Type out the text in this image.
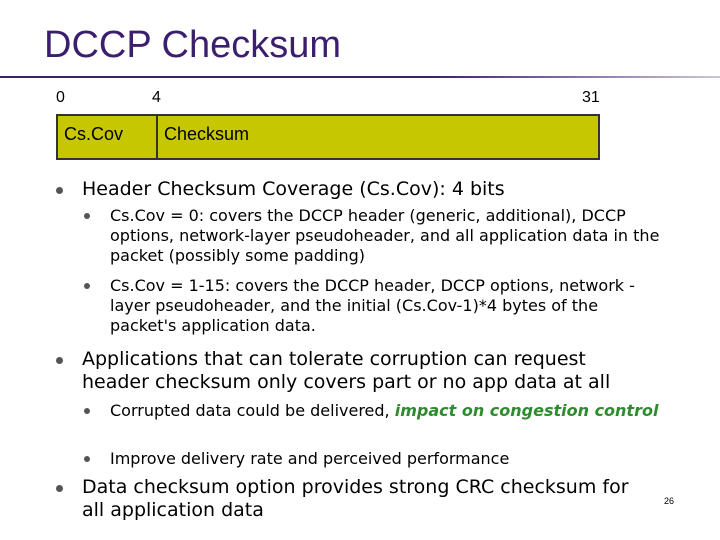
DCCP Checksum
0	4	31
Cs.Cov Checksum
Header Checksum Coverage (Cs.Cov): 4 bits
Cs.Cov = 0: covers the DCCP header (generic, additional), DCCP options, network-layer pseudoheader, and all application data in the packet (possibly some padding)
Cs.Cov = 1-15: covers the DCCP header, DCCP options, network -layer pseudoheader, and the initial (Cs.Cov-1)*4 bytes of the packet's application data.
Applications that can tolerate corruption can request header checksum only covers part or no app data at all
Corrupted data could be delivered, impact on congestion control
Improve delivery rate and perceived performance
Data checksum option provides strong CRC checksum for all application data	26
